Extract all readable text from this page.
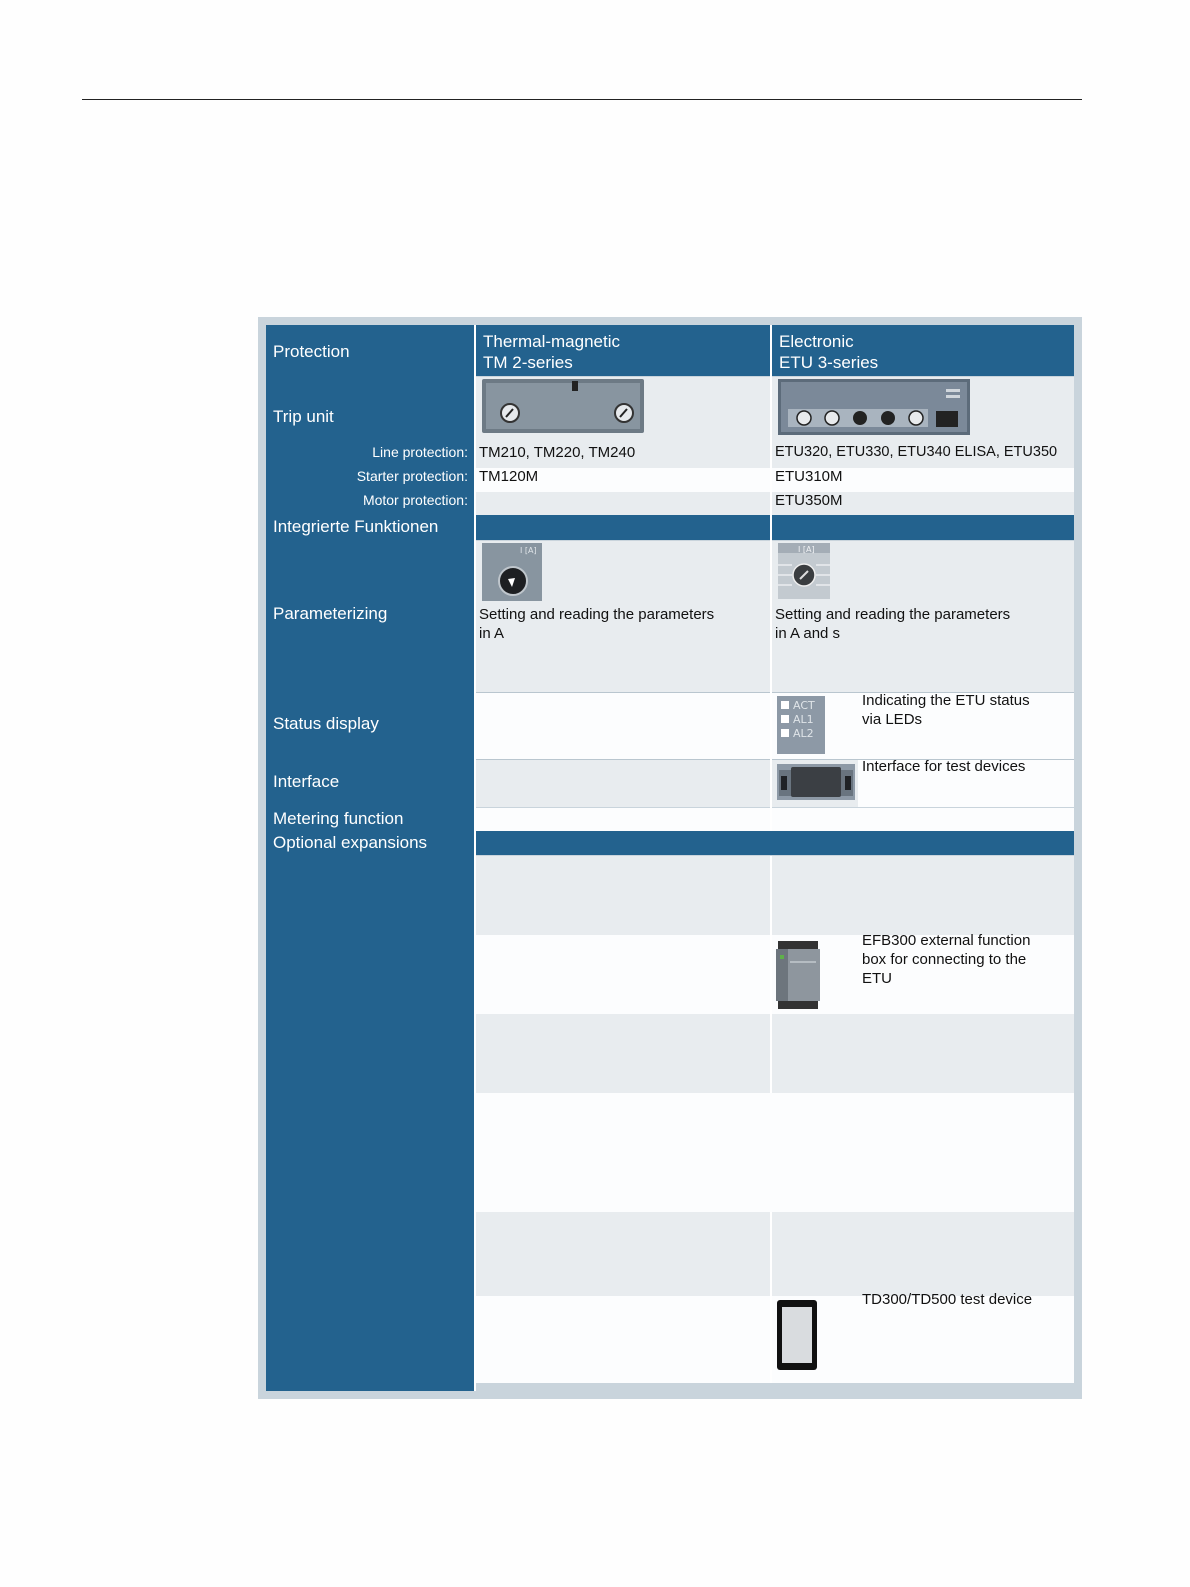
Protection
Thermal-magnetic
TM 2-series
Electronic
ETU 3-series
Trip unit
Line protection:
Starter protection:
Motor protection:
TM210, TM220, TM240
TM120M
ETU320, ETU330, ETU340 ELISA, ETU350
ETU310M
ETU350M
Integrierte Funktionen
Parameterizing
I [A]	I [A]
Setting and reading the parameters
in A
Setting and reading the parameters
in A and s
Status display
ACT
AL1
AL2
Indicating the ETU status
via LEDs
Interface
Interface for test devices
Metering function
Optional expansions
EFB300 external function
box for connecting to the
ETU
TD300/TD500 test device
